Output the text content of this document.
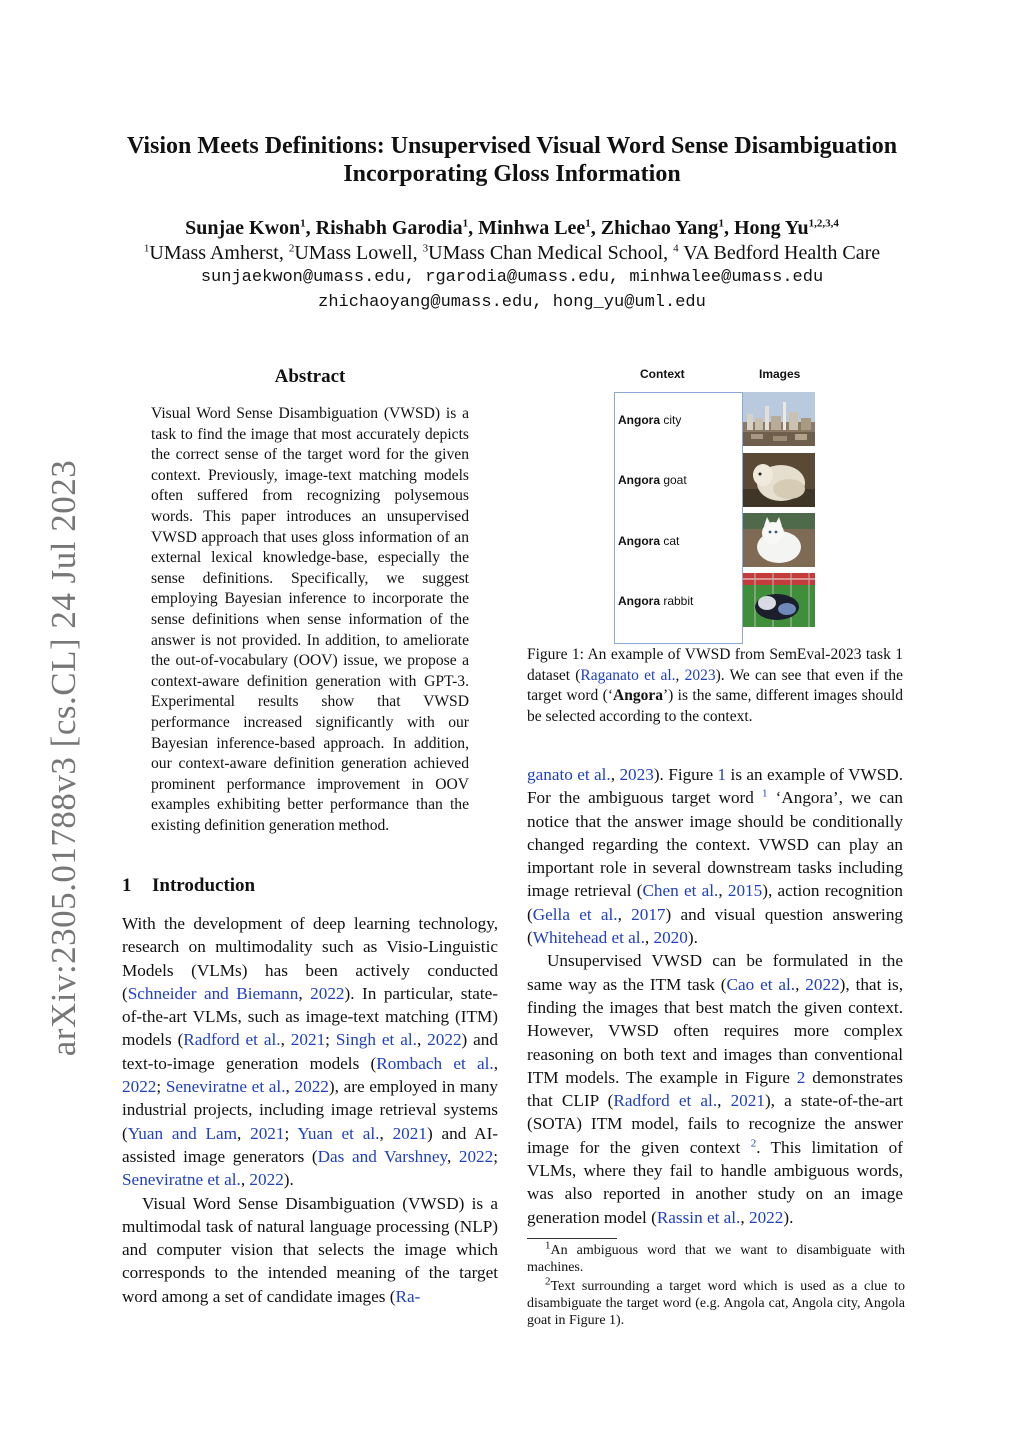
arXiv:2305.01788v3 [cs.CL] 24 Jul 2023
Vision Meets Definitions: Unsupervised Visual Word Sense Disambiguation
Incorporating Gloss Information
Sunjae Kwon$^1$, Rishabh Garodia$^1$, Minhwa Lee$^1$, Zhichao Yang$^1$, Hong Yu$^{1,2,3,4}$
$^1$UMass Amherst, $^2$UMass Lowell, $^3$UMass Chan Medical School, $^4$ VA Bedford Health Care
sunjaekwon@umass.edu, rgarodia@umass.edu, minhwalee@umass.edu
zhichaoyang@umass.edu, hong_yu@uml.edu
Abstract
Visual Word Sense Disambiguation (VWSD) is a task to find the image that most accurately depicts the correct sense of the target word for the given context. Previously, image-text matching models often suffered from recognizing polysemous words. This paper introduces an unsupervised VWSD approach that uses gloss information of an external lexical knowledge-base, especially the sense definitions. Specifically, we suggest employing Bayesian inference to incorporate the sense definitions when sense information of the answer is not provided. In addition, to ameliorate the out-of-vocabulary (OOV) issue, we propose a context-aware definition generation with GPT-3. Experimental results show that VWSD performance increased significantly with our Bayesian inference-based approach. In addition, our context-aware definition generation achieved prominent performance improvement in OOV examples exhibiting better performance than the existing definition generation method.
1 Introduction

With the development of deep learning technology, research on multimodality such as Visio-Linguistic Models (VLMs) has been actively conducted (Schneider and Biemann, 2022). In particular, state-of-the-art VLMs, such as image-text matching (ITM) models (Radford et al., 2021; Singh et al., 2022) and text-to-image generation models (Rombach et al., 2022; Seneviratne et al., 2022), are employed in many industrial projects, including image retrieval systems (Yuan and Lam, 2021; Yuan et al., 2021) and AI-assisted image generators (Das and Varshney, 2022; Seneviratne et al., 2022).

Visual Word Sense Disambiguation (VWSD) is a multimodal task of natural language processing (NLP) and computer vision that selects the image which corresponds to the intended meaning of the target word among a set of candidate images (Ra-

Context	Images
Angora city
Angora goat
Angora cat
Angora rabbit
Figure 1: An example of VWSD from SemEval-2023 task 1 dataset (Raganato et al., 2023). We can see that even if the target word (‘Angora’) is the same, different images should be selected according to the context.

ganato et al., 2023). Figure 1 is an example of VWSD. For the ambiguous target word $^1$ ‘Angora’, we can notice that the answer image should be conditionally changed regarding the context. VWSD can play an important role in several downstream tasks including image retrieval (Chen et al., 2015), action recognition (Gella et al., 2017) and visual question answering (Whitehead et al., 2020).

Unsupervised VWSD can be formulated in the same way as the ITM task (Cao et al., 2022), that is, finding the images that best match the given context. However, VWSD often requires more complex reasoning on both text and images than conventional ITM models. The example in Figure 2 demonstrates that CLIP (Radford et al., 2021), a state-of-the-art (SOTA) ITM model, fails to recognize the answer image for the given context $^2$. This limitation of VLMs, where they fail to handle ambiguous words, was also reported in another study on an image generation model (Rassin et al., 2022).

$^1$An ambiguous word that we want to disambiguate with machines.

$^2$Text surrounding a target word which is used as a clue to disambiguate the target word (e.g. Angola cat, Angola city, Angola goat in Figure 1).
